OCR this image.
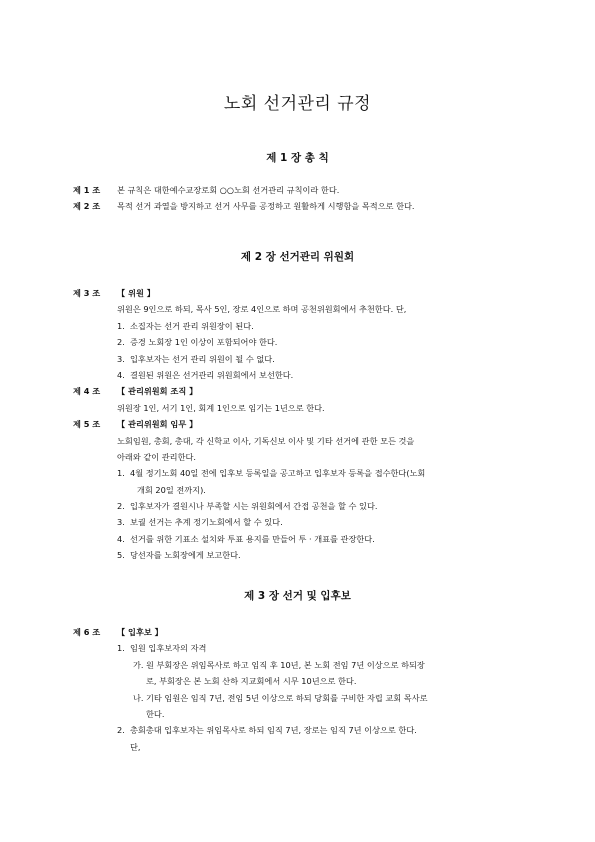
노회 선거관리 규정
제 1 장 총 칙
제 1 조 본 규칙은 대한예수교장로회 ○○노회 선거관리 규칙이라 한다.
제 2 조 목적 선거 과열을 방지하고 선거 사무를 공정하고 원활하게 시행함을 목적으로 한다.
제 2 장 선거관리 위원회
제 3 조 【 위원 】
위원은 9인으로 하되, 목사 5인, 장로 4인으로 하며 공천위원회에서 추천한다. 단,
1. 소집자는 선거 관리 위원장이 된다.
2. 증경 노회장 1인 이상이 포함되어야 한다.
3. 입후보자는 선거 관리 위원이 될 수 없다.
4. 결원된 위원은 선거관리 위원회에서 보선한다.
제 4 조 【 관리위원회 조직 】
위원장 1인, 서기 1인, 회계 1인으로 임기는 1년으로 한다.
제 5 조 【 관리위원회 임무 】
노회임원, 총회, 총대, 각 신학교 이사, 기독신보 이사 및 기타 선거에 관한 모든 것을
아래와 같이 관리한다.
1. 4월 정기노회 40일 전에 입후보 등록일을 공고하고 입후보자 등록을 접수한다(노회
개회 20일 전까지).
2. 입후보자가 결원시나 부족할 시는 위원회에서 간접 공천을 할 수 있다.
3. 보궐 선거는 추계 정기노회에서 할 수 있다.
4. 선거를 위한 기표소 설치와 투표 용지를 만들어 투 · 개표를 관장한다.
5. 당선자를 노회장에게 보고한다.
제 3 장 선거 및 입후보
제 6 조 【 입후보 】
1. 임원 입후보자의 자격
가. 원 부회장은 위임목사로 하고 임직 후 10년, 본 노회 전임 7년 이상으로 하되장
로, 부회장은 본 노회 산하 지교회에서 시무 10년으로 한다.
나. 기타 임원은 임직 7년, 전임 5년 이상으로 하되 당회를 구비한 자립 교회 목사로
한다.
2. 총회총대 입후보자는 위임목사로 하되 임직 7년, 장로는 임직 7년 이상으로 한다.
단,
